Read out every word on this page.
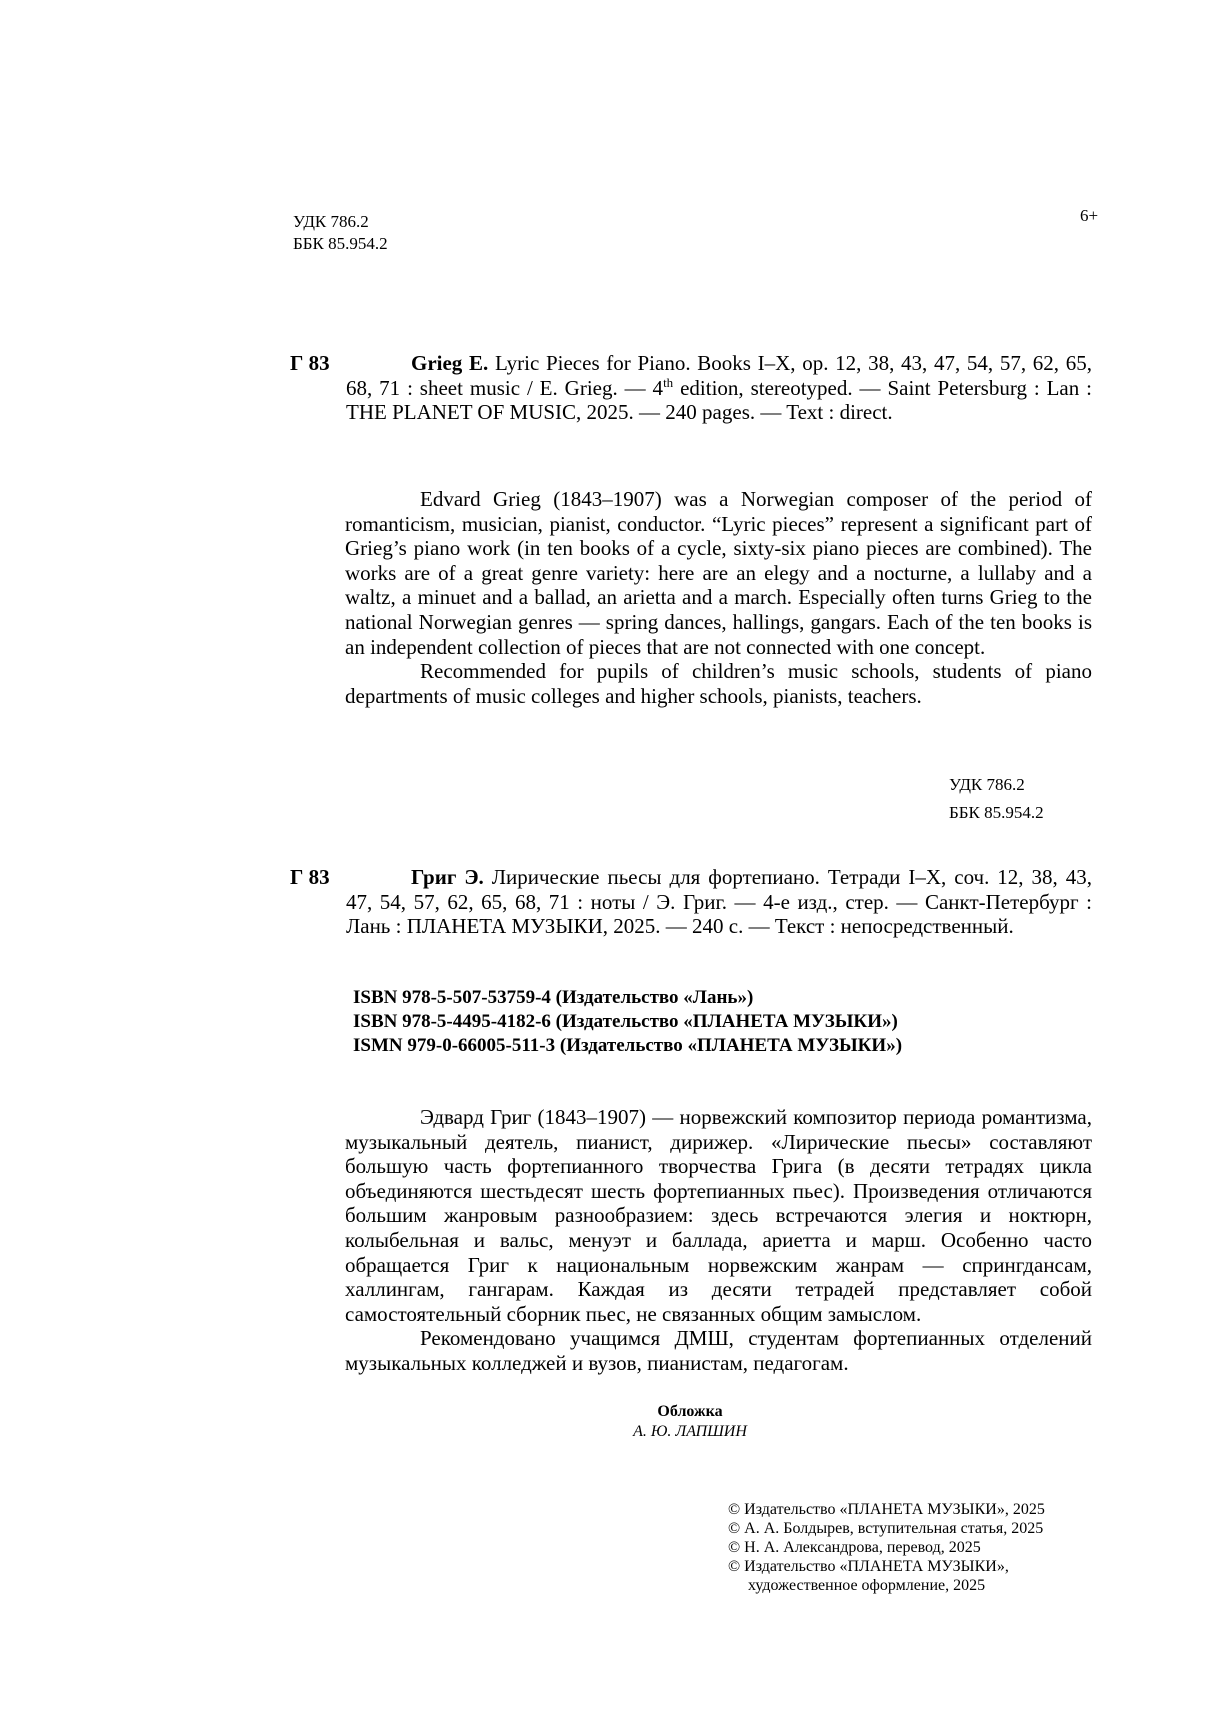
УДК 786.2
ББК 85.954.2
6+
Г 83	Grieg E. Lyric Pieces for Piano. Books I–X, op. 12, 38, 43, 47, 54, 57, 62, 65, 68, 71 : sheet music / E. Grieg. — 4th edition, stereotyped. — Saint Petersburg : Lan : THE PLANET OF MUSIC, 2025. — 240 pages. — Text : direct.

Edvard Grieg (1843–1907) was a Norwegian composer of the period of romanticism, musician, pianist, conductor. “Lyric pieces” represent a significant part of Grieg’s piano work (in ten books of a cycle, sixty-six piano pieces are combined). The works are of a great genre variety: here are an elegy and a nocturne, a lullaby and a waltz, a minuet and a ballad, an arietta and a march. Especially often turns Grieg to the national Norwegian genres — spring dances, hallings, gangars. Each of the ten books is an independent collection of pieces that are not connected with one concept.

Recommended for pupils of children’s music schools, students of piano departments of music colleges and higher schools, pianists, teachers.

УДК 786.2
ББК 85.954.2
Г 83	Григ Э. Лирические пьесы для фортепиано. Тетради I–X, соч. 12, 38, 43, 47, 54, 57, 62, 65, 68, 71 : ноты / Э. Григ. — 4-е изд., стер. — Санкт-Петербург : Лань : ПЛАНЕТА МУЗЫКИ, 2025. — 240 с. — Текст : непосредственный.
ISBN 978-5-507-53759-4 (Издательство «Лань»)
ISBN 978-5-4495-4182-6 (Издательство «ПЛАНЕТА МУЗЫКИ»)
ISMN 979-0-66005-511-3 (Издательство «ПЛАНЕТА МУЗЫКИ»)

Эдвард Григ (1843–1907) — норвежский композитор периода романтизма, музыкальный деятель, пианист, дирижер. «Лирические пьесы» составляют большую часть фортепианного творчества Грига (в десяти тетрадях цикла объединяются шестьдесят шесть фортепианных пьес). Произведения отличаются большим жанровым разнообразием: здесь встречаются элегия и ноктюрн, колыбельная и вальс, менуэт и баллада, ариетта и марш. Особенно часто обращается Григ к национальным норвежским жанрам — спрингдансам, халлингам, гангарам. Каждая из десяти тетрадей представляет собой самостоятельный сборник пьес, не связанных общим замыслом.

Рекомендовано учащимся ДМШ, студентам фортепианных отделений музыкальных колледжей и вузов, пианистам, педагогам.

Обложка
А. Ю. ЛАПШИН
© Издательство «ПЛАНЕТА МУЗЫКИ», 2025
© А. А. Болдырев, вступительная статья, 2025
© Н. А. Александрова, перевод, 2025
© Издательство «ПЛАНЕТА МУЗЫКИ»,
художественное оформление, 2025
